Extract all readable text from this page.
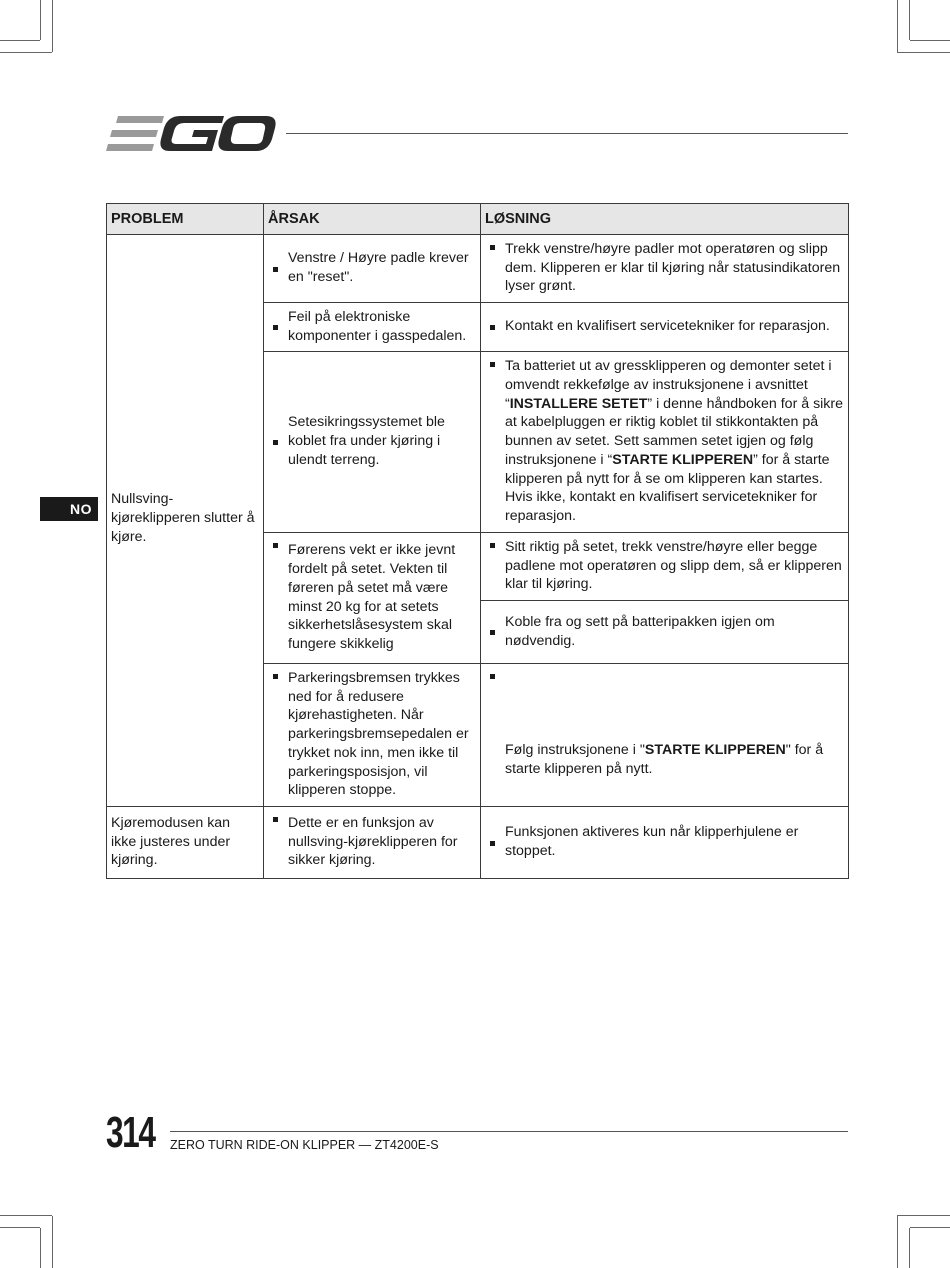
NO
PROBLEM	ÅRSAK	LØSNING
Nullsving-kjøreklipperen slutter å kjøre.	Venstre / Høyre padle krever en "reset".	Trekk venstre/høyre padler mot operatøren og slipp dem. Klipperen er klar til kjøring når statusindikatoren lyser grønt.
	Feil på elektroniske komponenter i gasspedalen.	Kontakt en kvalifisert servicetekniker for reparasjon.
	Setesikringssystemet ble koblet fra under kjøring i ulendt terreng.	Ta batteriet ut av gressklipperen og demonter setet i omvendt rekkefølge av instruksjonene i avsnittet “INSTALLERE SETET” i denne håndboken for å sikre at kabelpluggen er riktig koblet til stikkontakten på bunnen av setet. Sett sammen setet igjen og følg instruksjonene i “STARTE KLIPPEREN” for å starte klipperen på nytt for å se om klipperen kan startes. Hvis ikke, kontakt en kvalifisert servicetekniker for reparasjon.
	Førerens vekt er ikke jevnt fordelt på setet. Vekten til føreren på setet må være minst 20 kg for at setets sikkerhetslåsesystem skal fungere skikkelig	Sitt riktig på setet, trekk venstre/høyre eller begge padlene mot operatøren og slipp dem, så er klipperen klar til kjøring.
		Koble fra og sett på batteripakken igjen om nødvendig.
	Parkeringsbremsen trykkes ned for å redusere kjørehastigheten. Når parkeringsbremsepedalen er trykket nok inn, men ikke til parkeringsposisjon, vil klipperen stoppe.	Følg instruksjonene i "STARTE KLIPPEREN" for å starte klipperen på nytt.
Kjøremodusen kan ikke justeres under kjøring.	Dette er en funksjon av nullsving-kjøreklipperen for sikker kjøring.	Funksjonen aktiveres kun når klipperhjulene er stoppet.
314 ZERO TURN RIDE-ON KLIPPER — ZT4200E-S
